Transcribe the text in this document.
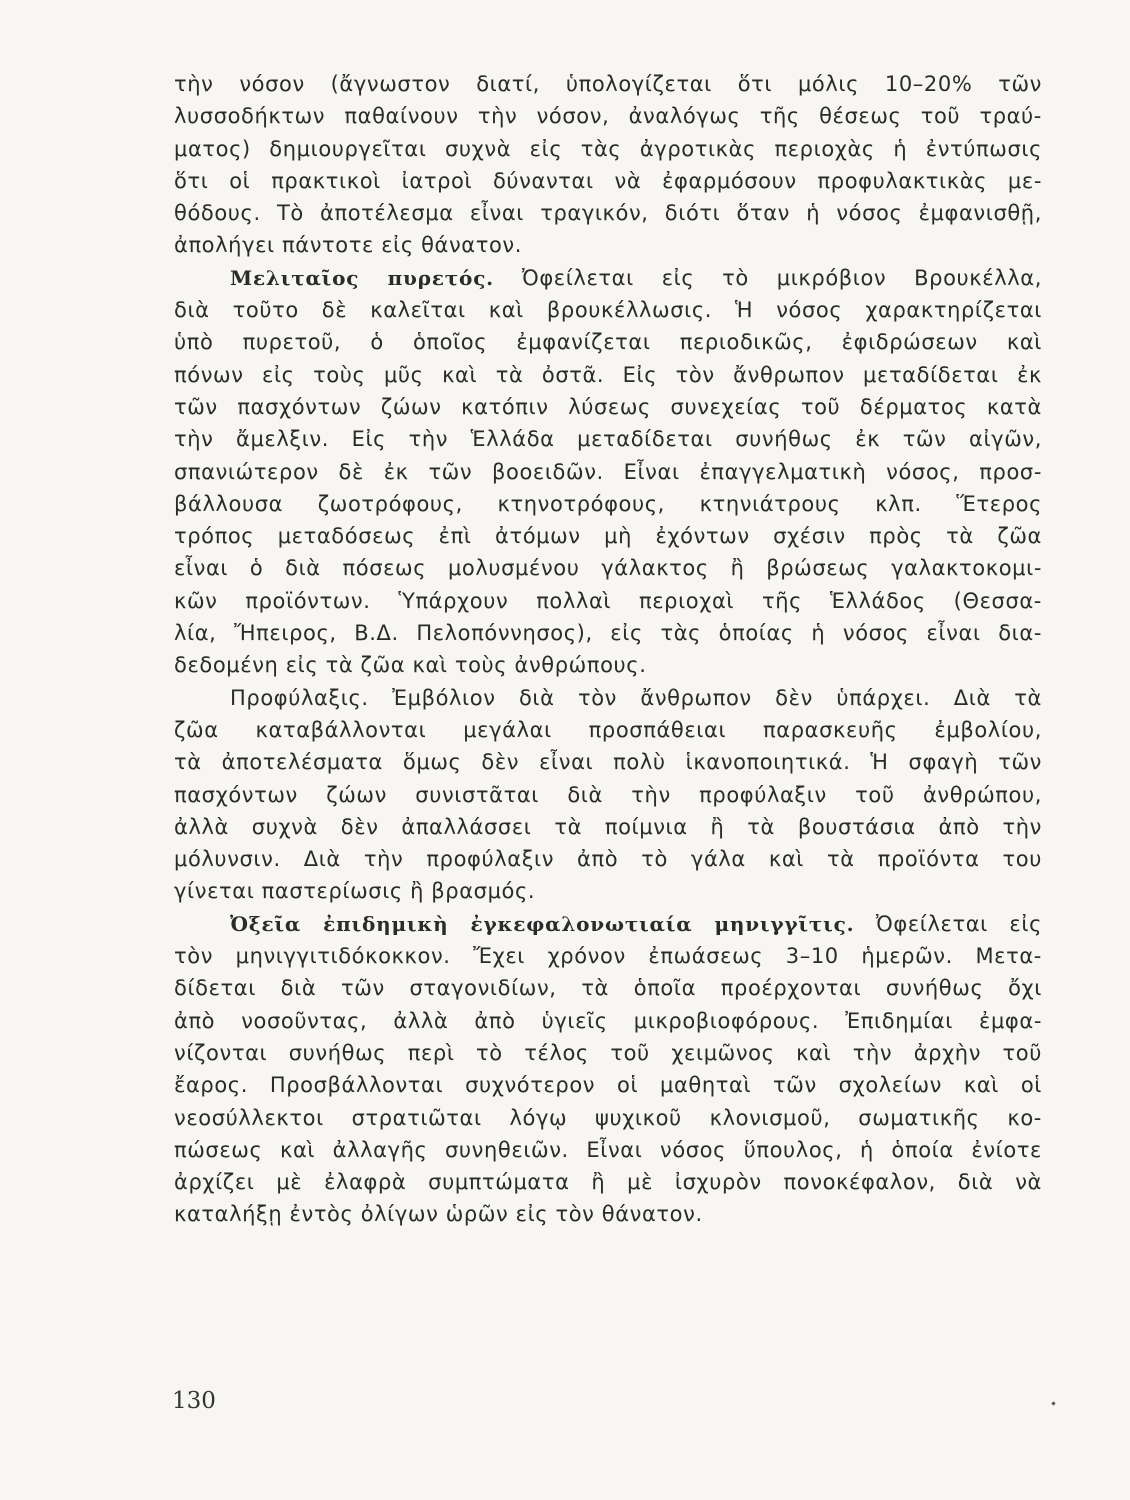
τὴν νόσον (ἄγνωστον διατί, ὑπολογίζεται ὅτι μόλις 10–20% τῶν
λυσσοδήκτων παθαίνουν τὴν νόσον, ἀναλόγως τῆς θέσεως τοῦ τραύ-
ματος) δημιουργεῖται συχνὰ εἰς τὰς ἀγροτικὰς περιοχὰς ἡ ἐντύπωσις
ὅτι οἱ πρακτικοὶ ἰατροὶ δύνανται νὰ ἐφαρμόσουν προφυλακτικὰς με-
θόδους. Τὸ ἀποτέλεσμα εἶναι τραγικόν, διότι ὅταν ἡ νόσος ἐμφανισθῇ,
ἀπολήγει πάντοτε εἰς θάνατον.
Μελιταῖος πυρετός. Ὀφείλεται εἰς τὸ μικρόβιον Βρουκέλλα,
διὰ τοῦτο δὲ καλεῖται καὶ βρουκέλλωσις. Ἡ νόσος χαρακτηρίζεται
ὑπὸ πυρετοῦ, ὁ ὁποῖος ἐμφανίζεται περιοδικῶς, ἐφιδρώσεων καὶ
πόνων εἰς τοὺς μῦς καὶ τὰ ὀστᾶ. Εἰς τὸν ἄνθρωπον μεταδίδεται ἐκ
τῶν πασχόντων ζώων κατόπιν λύσεως συνεχείας τοῦ δέρματος κατὰ
τὴν ἄμελξιν. Εἰς τὴν Ἑλλάδα μεταδίδεται συνήθως ἐκ τῶν αἰγῶν,
σπανιώτερον δὲ ἐκ τῶν βοοειδῶν. Εἶναι ἐπαγγελματικὴ νόσος, προσ-
βάλλουσα ζωοτρόφους, κτηνοτρόφους, κτηνιάτρους κλπ. Ἕτερος
τρόπος μεταδόσεως ἐπὶ ἀτόμων μὴ ἐχόντων σχέσιν πρὸς τὰ ζῶα
εἶναι ὁ διὰ πόσεως μολυσμένου γάλακτος ἢ βρώσεως γαλακτοκομι-
κῶν προϊόντων. Ὑπάρχουν πολλαὶ περιοχαὶ τῆς Ἑλλάδος (Θεσσα-
λία, Ἤπειρος, Β.Δ. Πελοπόννησος), εἰς τὰς ὁποίας ἡ νόσος εἶναι δια-
δεδομένη εἰς τὰ ζῶα καὶ τοὺς ἀνθρώπους.
Προφύλαξις. Ἐμβόλιον διὰ τὸν ἄνθρωπον δὲν ὑπάρχει. Διὰ τὰ
ζῶα καταβάλλονται μεγάλαι προσπάθειαι παρασκευῆς ἐμβολίου,
τὰ ἀποτελέσματα ὅμως δὲν εἶναι πολὺ ἱκανοποιητικά. Ἡ σφαγὴ τῶν
πασχόντων ζώων συνιστᾶται διὰ τὴν προφύλαξιν τοῦ ἀνθρώπου,
ἀλλὰ συχνὰ δὲν ἀπαλλάσσει τὰ ποίμνια ἢ τὰ βουστάσια ἀπὸ τὴν
μόλυνσιν. Διὰ τὴν προφύλαξιν ἀπὸ τὸ γάλα καὶ τὰ προϊόντα του
γίνεται παστερίωσις ἢ βρασμός.
Ὀξεῖα ἐπιδημικὴ ἐγκεφαλονωτιαία μηνιγγῖτις. Ὀφείλεται εἰς
τὸν μηνιγγιτιδόκοκκον. Ἔχει χρόνον ἐπωάσεως 3–10 ἡμερῶν. Μετα-
δίδεται διὰ τῶν σταγονιδίων, τὰ ὁποῖα προέρχονται συνήθως ὄχι
ἀπὸ νοσοῦντας, ἀλλὰ ἀπὸ ὑγιεῖς μικροβιοφόρους. Ἐπιδημίαι ἐμφα-
νίζονται συνήθως περὶ τὸ τέλος τοῦ χειμῶνος καὶ τὴν ἀρχὴν τοῦ
ἔαρος. Προσβάλλονται συχνότερον οἱ μαθηταὶ τῶν σχολείων καὶ οἱ
νεοσύλλεκτοι στρατιῶται λόγῳ ψυχικοῦ κλονισμοῦ, σωματικῆς κο-
πώσεως καὶ ἀλλαγῆς συνηθειῶν. Εἶναι νόσος ὕπουλος, ἡ ὁποία ἐνίοτε
ἀρχίζει μὲ ἐλαφρὰ συμπτώματα ἢ μὲ ἰσχυρὸν πονοκέφαλον, διὰ νὰ
καταλήξῃ ἐντὸς ὀλίγων ὡρῶν εἰς τὸν θάνατον.
130
